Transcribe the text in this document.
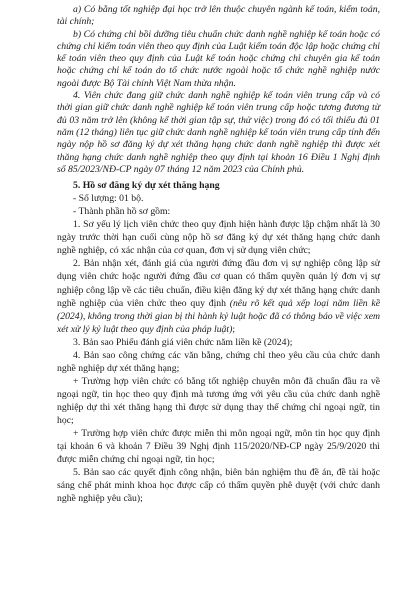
a) Có bằng tốt nghiệp đại học trở lên thuộc chuyên ngành kế toán, kiểm toán, tài chính;

b) Có chứng chỉ bồi dưỡng tiêu chuẩn chức danh nghề nghiệp kế toán hoặc có chứng chỉ kiểm toán viên theo quy định của Luật kiểm toán độc lập hoặc chứng chỉ kế toán viên theo quy định của Luật kế toán hoặc chứng chỉ chuyên gia kế toán hoặc chứng chỉ kế toán do tổ chức nước ngoài hoặc tổ chức nghề nghiệp nước ngoài được Bộ Tài chính Việt Nam thừa nhận.

4. Viên chức đang giữ chức danh nghề nghiệp kế toán viên trung cấp và có thời gian giữ chức danh nghề nghiệp kế toán viên trung cấp hoặc tương đương từ đủ 03 năm trở lên (không kể thời gian tập sự, thử việc) trong đó có tối thiểu đủ 01 năm (12 tháng) liên tục giữ chức danh nghề nghiệp kế toán viên trung cấp tính đến ngày nộp hồ sơ đăng ký dự xét thăng hạng chức danh nghề nghiệp thì được xét thăng hạng chức danh nghề nghiệp theo quy định tại khoản 16 Điều 1 Nghị định số 85/2023/NĐ-CP ngày 07 tháng 12 năm 2023 của Chính phủ.

5. Hồ sơ đăng ký dự xét thăng hạng

- Số lượng: 01 bộ.

- Thành phần hồ sơ gồm:

1. Sơ yếu lý lịch viên chức theo quy định hiện hành được lập chậm nhất là 30 ngày trước thời hạn cuối cùng nộp hồ sơ đăng ký dự xét thăng hạng chức danh nghề nghiệp, có xác nhận của cơ quan, đơn vị sử dụng viên chức;

2. Bản nhận xét, đánh giá của người đứng đầu đơn vị sự nghiệp công lập sử dụng viên chức hoặc người đứng đầu cơ quan có thẩm quyền quản lý đơn vị sự nghiệp công lập về các tiêu chuẩn, điều kiện đăng ký dự xét thăng hạng chức danh nghề nghiệp của viên chức theo quy định (nêu rõ kết quả xếp loại năm liền kề (2024), không trong thời gian bị thi hành kỷ luật hoặc đã có thông báo về việc xem xét xử lý kỷ luật theo quy định của pháp luật);

3. Bản sao Phiếu đánh giá viên chức năm liền kề (2024);

4. Bản sao công chứng các văn bằng, chứng chỉ theo yêu cầu của chức danh nghề nghiệp dự xét thăng hạng;

+ Trường hợp viên chức có bằng tốt nghiệp chuyên môn đã chuẩn đầu ra về ngoại ngữ, tin học theo quy định mà tương ứng với yêu cầu của chức danh nghề nghiệp dự thi xét thăng hạng thì được sử dụng thay thế chứng chỉ ngoại ngữ, tin học;

+ Trường hợp viên chức được miễn thi môn ngoại ngữ, môn tin học quy định tại khoản 6 và khoản 7 Điều 39 Nghị định 115/2020/NĐ-CP ngày 25/9/2020 thì được miễn chứng chỉ ngoại ngữ, tin học;

5. Bản sao các quyết định công nhận, biên bản nghiệm thu đề án, đề tài hoặc sáng chế phát minh khoa học được cấp có thẩm quyền phê duyệt (với chức danh nghề nghiệp yêu cầu);
